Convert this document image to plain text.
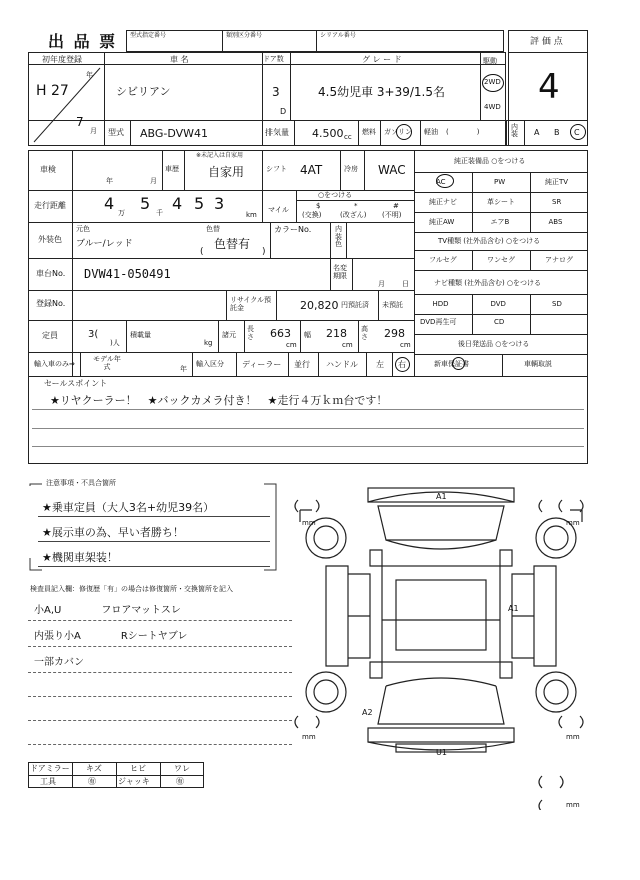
出 品 票 型式指定番号	類別区分番号	シリアル番号
評 価 点
4
初年度登録
H 27
年
7
月
車 名
シビリアン
ドア数
3
D
グ レ ー ド
4.5幼児車 3+39/1.5名
駆動
2WD
4WD
型式 ABG-DVW41	排気量 4.500 cc
燃料 ガソリン 軽油 (　　　　)
内装 A B C
車検
年	月
車歴
※未記入は自家用
自家用	シフト 4AT	冷房 WAC
走行距離 4 万 5 千 4 5 3
km
マイル
○をつける
$
(交換)
*
(改ざん)
#
(不明)
外装色
元色
ブルー/レッド
色替
色替有
(	)
カラーNo.	内装色
車台No. DVW41-050491	名変期限
月 日
登録No.	リサイクル預託金	20,820 円預託済 未預託
定員	3(
)人
積載量
kg
諸元
長さ 663
cm
幅 218
cm
高さ 298
cm
輸入車のみ⇒
モデル年式	年
輸入区分 ディーラー 並行 ハンドル 左 右
純正装備品 ○をつける
AC	PW	純正TV
純正ナビ	革シート	SR
純正AW	エアB	ABS
TV種類 (社外品含む) ○をつける
フルセグ	ワンセグ	アナログ
ナビ種類 (社外品含む) ○をつける
HDD	DVD	SD
DVD再生可	CD
後日発送品 ○をつける
新車保証書	車輌取説
セールスポイント
★リヤクーラー！　★バックカメラ付き！　★走行４万ｋｍ台です！
注意事項・不具合箇所
★乗車定員（大人3名+幼児39名）
★展示車の為、早い者勝ち！
★機関車架装！
検査員記入欄：修復歴「有」の場合は修復箇所・交換箇所を記入
小A,U　　　　フロアマットスレ
内張り小A　　　　Rシートヤブレ
一部カバン
ドアミラー キズ	ヒビ	ワレ
工具	㊒	ジャッキ	㊒
A1
A1
A2
U1
mm	mm
mm	mm
mm
